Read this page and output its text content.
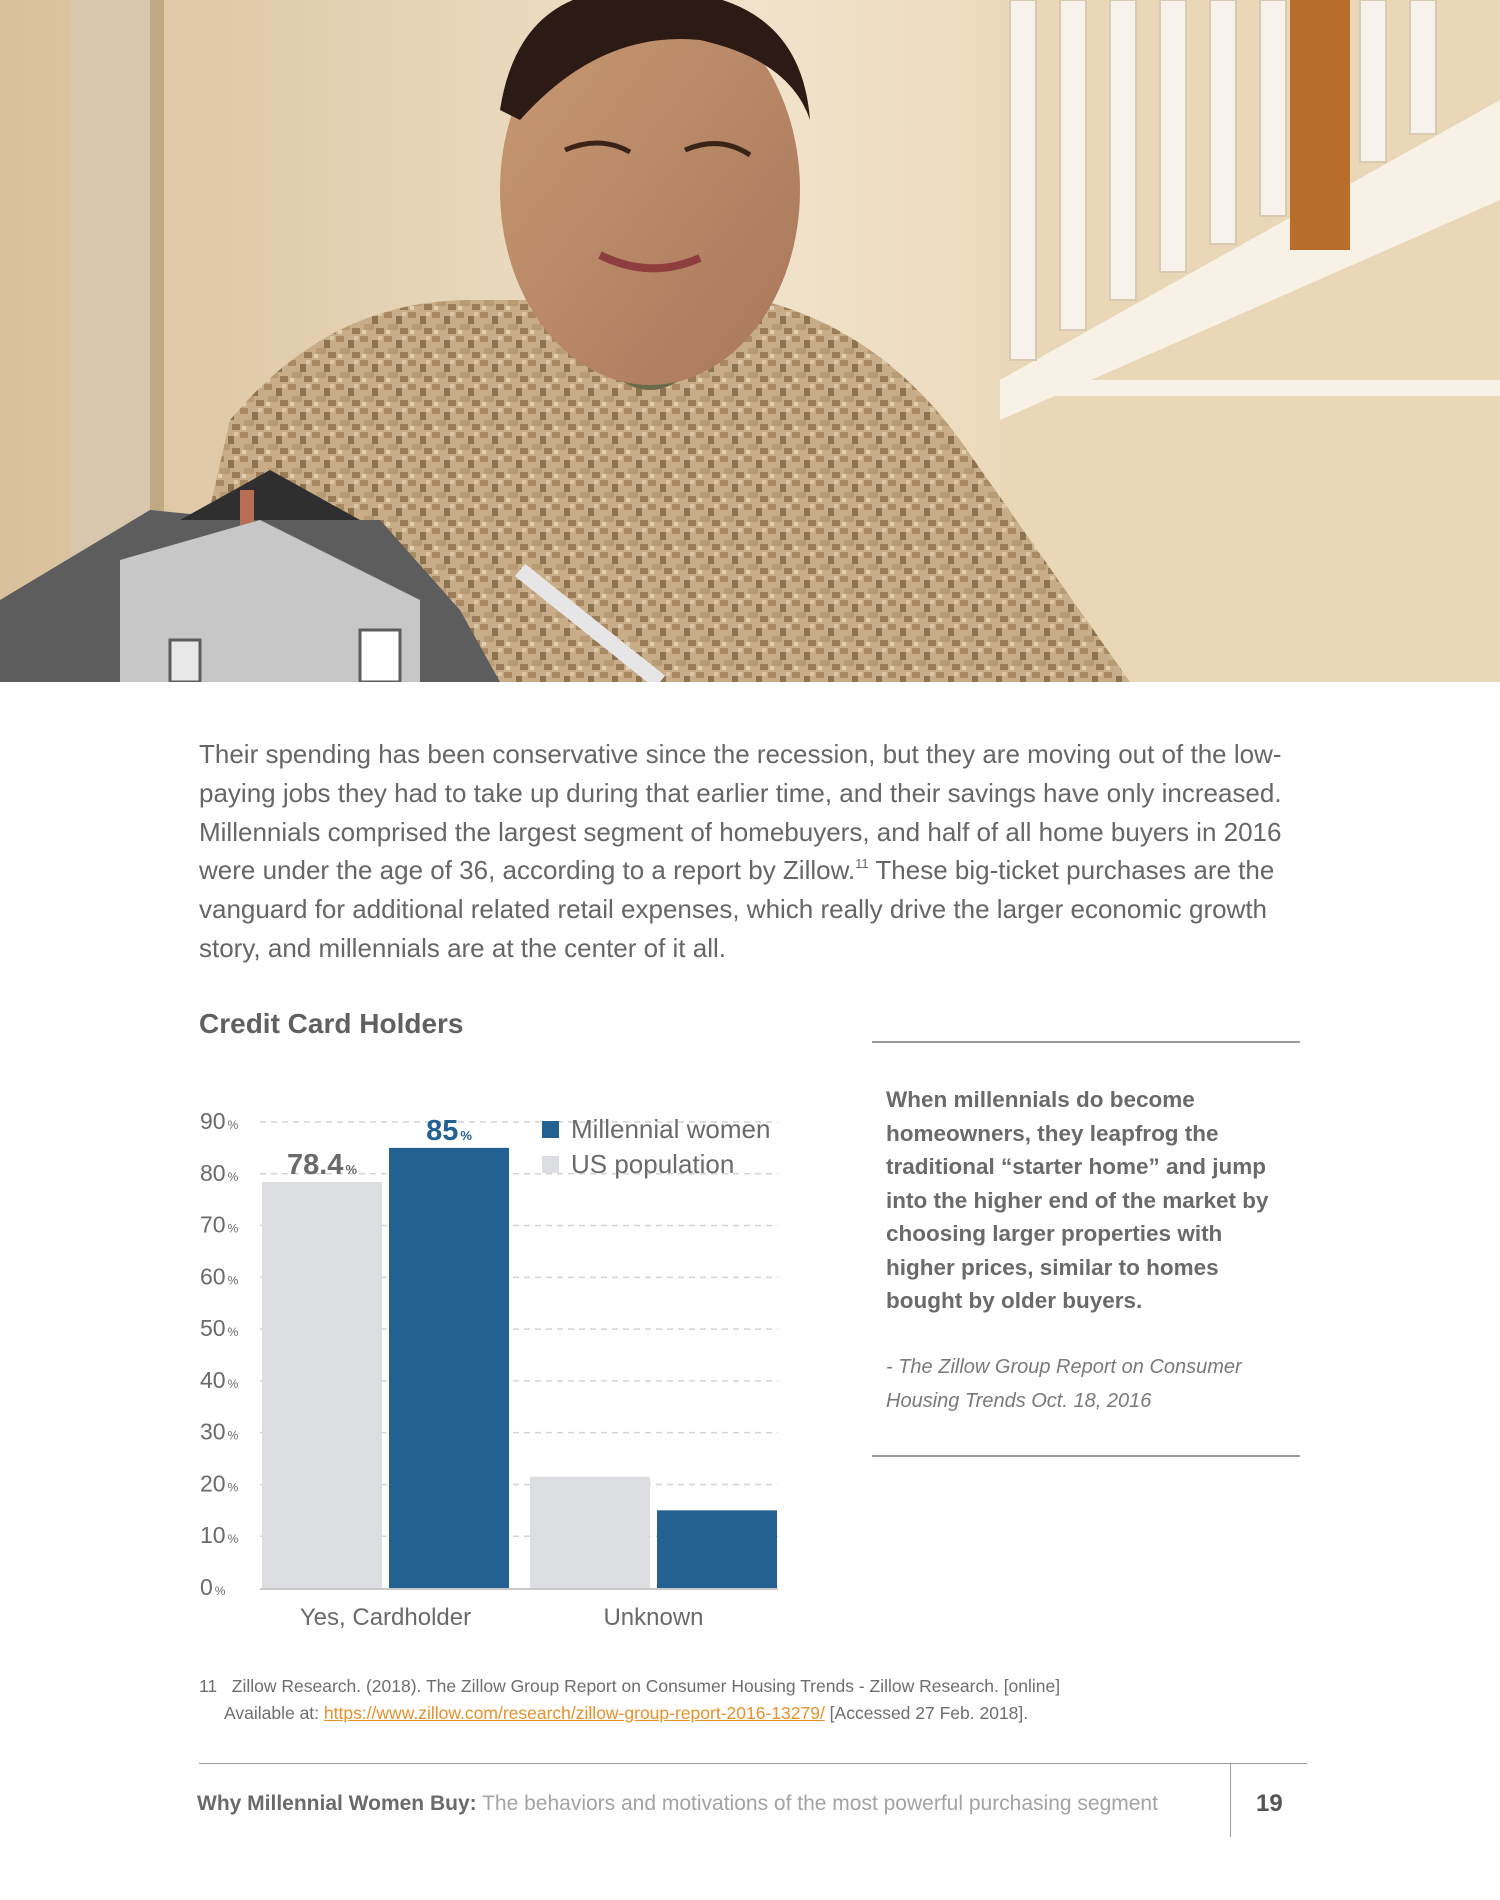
Their spending has been conservative since the recession, but they are moving out of the low-paying jobs they had to take up during that earlier time, and their savings have only increased. Millennials comprised the largest segment of homebuyers, and half of all home buyers in 2016 were under the age of 36, according to a report by Zillow.$^{11}$ These big-ticket purchases are the vanguard for additional related retail expenses, which really drive the larger economic growth story, and millennials are at the center of it all.

Credit Card Holders
0 %
10 %
20 %
30 %
40 %
50 %
60 %
70 %
80 %
90 %
Yes, Cardholder	Unknown
78.4 %
85 %	Millennial women
US population

When millennials do become homeowners, they leapfrog the traditional “starter home” and jump into the higher end of the market by choosing larger properties with higher prices, similar to homes bought by older buyers.

- The Zillow Group Report on Consumer Housing Trends Oct. 18, 2016

11 Zillow Research. (2018). The Zillow Group Report on Consumer Housing Trends - Zillow Research. [online]
Available at: https://www.zillow.com/research/zillow-group-report-2016-13279/ [Accessed 27 Feb. 2018].
Why Millennial Women Buy: The behaviors and motivations of the most powerful purchasing segment	19
